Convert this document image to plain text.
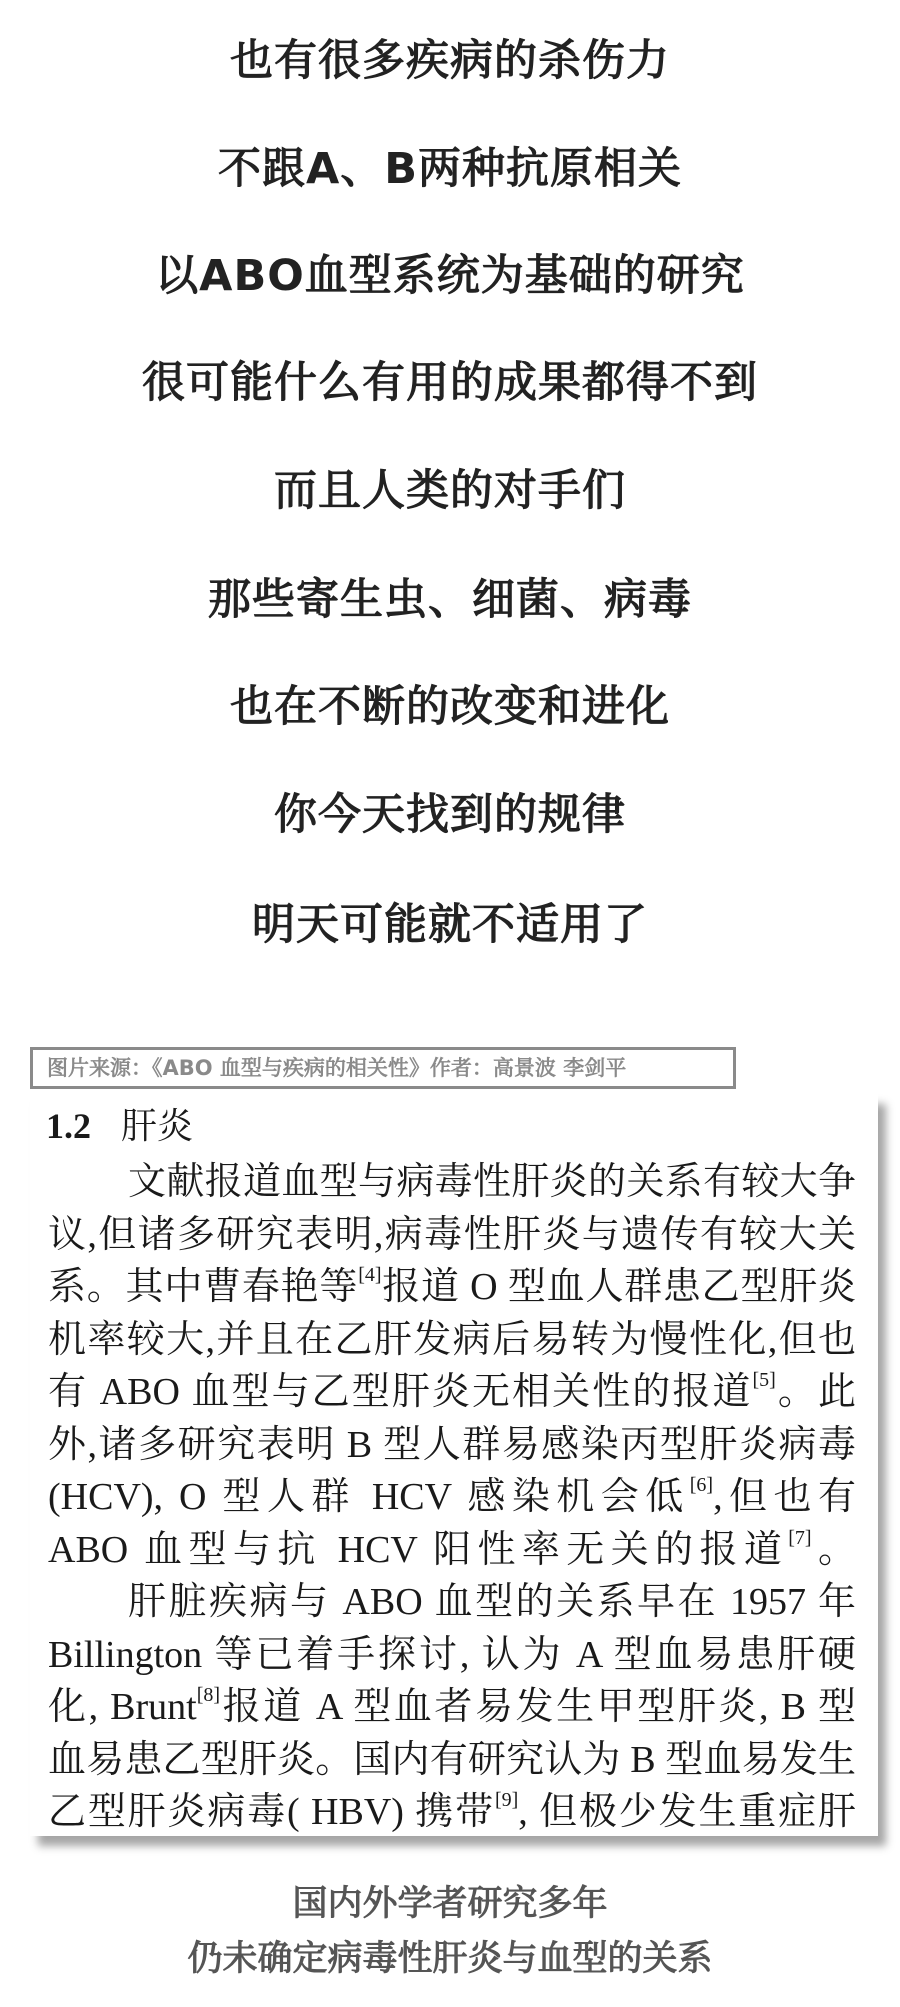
也有很多疾病的杀伤力
不跟A、B两种抗原相关
以ABO血型系统为基础的研究
很可能什么有用的成果都得不到
而且人类的对手们
那些寄生虫、细菌、病毒
也在不断的改变和进化
你今天找到的规律
明天可能就不适用了
图片来源：《ABO 血型与疾病的相关性》作者：高景波 李剑平
1.2 肝炎
文献报道血型与病毒性肝炎的关系有较大争
议,但诸多研究表明,病毒性肝炎与遗传有较大关
系。其中曹春艳等[4]报道 O 型血人群患乙型肝炎
机率较大,并且在乙肝发病后易转为慢性化,但也
有 ABO 血型与乙型肝炎无相关性的报道[5]。此
外,诸多研究表明 B 型人群易感染丙型肝炎病毒
(HCV), O 型人群 HCV 感染机会低[6],但也有
ABO 血型与抗 HCV 阳性率无关的报道[7]。
肝脏疾病与 ABO 血型的关系早在 1957 年
Billington 等已着手探讨, 认为 A 型血易患肝硬
化, Brunt[8]报道 A 型血者易发生甲型肝炎, B 型
血易患乙型肝炎。国内有研究认为 B 型血易发生
乙型肝炎病毒( HBV) 携带[9], 但极少发生重症肝
国内外学者研究多年
仍未确定病毒性肝炎与血型的关系
